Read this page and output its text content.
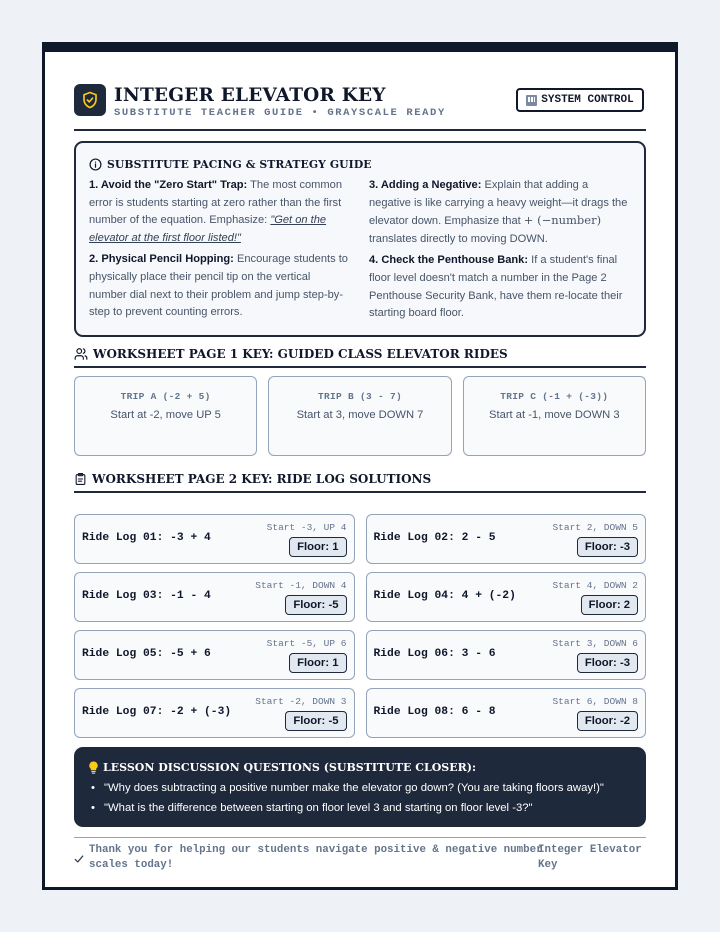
INTEGER ELEVATOR KEY
SUBSTITUTE TEACHER GUIDE • GRAYSCALE READY
SYSTEM CONTROL
SUBSTITUTE PACING & STRATEGY GUIDE

1. Avoid the "Zero Start" Trap: The most common error is students starting at zero rather than the first number of the equation. Emphasize: "Get on the elevator at the first floor listed!"

2. Physical Pencil Hopping: Encourage students to physically place their pencil tip on the vertical number dial next to their problem and jump step-by-step to prevent counting errors.

3. Adding a Negative: Explain that adding a negative is like carrying a heavy weight—it drags the elevator down. Emphasize that + (−number) translates directly to moving DOWN.

4. Check the Penthouse Bank: If a student's final floor level doesn't match a number in the Page 2 Penthouse Security Bank, have them re-locate their starting board floor.

WORKSHEET PAGE 1 KEY: GUIDED CLASS ELEVATOR RIDES
TRIP A (-2 + 5)
Start at -2, move UP 5
TRIP B (3 - 7)
Start at 3, move DOWN 7
TRIP C (-1 + (-3))
Start at -1, move DOWN 3
WORKSHEET PAGE 2 KEY: RIDE LOG SOLUTIONS
Start -3, UP 4
Ride Log 01: -3 + 4
Floor: 1
Start 2, DOWN 5
Ride Log 02: 2 - 5
Floor: -3
Start -1, DOWN 4
Ride Log 03: -1 - 4
Floor: -5
Start 4, DOWN 2
Ride Log 04: 4 + (-2)
Floor: 2
Start -5, UP 6
Ride Log 05: -5 + 6
Floor: 1
Start 3, DOWN 6
Ride Log 06: 3 - 6
Floor: -3
Start -2, DOWN 3
Ride Log 07: -2 + (-3)
Floor: -5
Start 6, DOWN 8
Ride Log 08: 6 - 8
Floor: -2
LESSON DISCUSSION QUESTIONS (SUBSTITUTE CLOSER):
• "Why does subtracting a positive number make the elevator go down? (You are taking floors away!)"
• "What is the difference between starting on floor level 3 and starting on floor level -3?"
Thank you for helping our students navigate positive & negative number scales today!
Integer Elevator Key
